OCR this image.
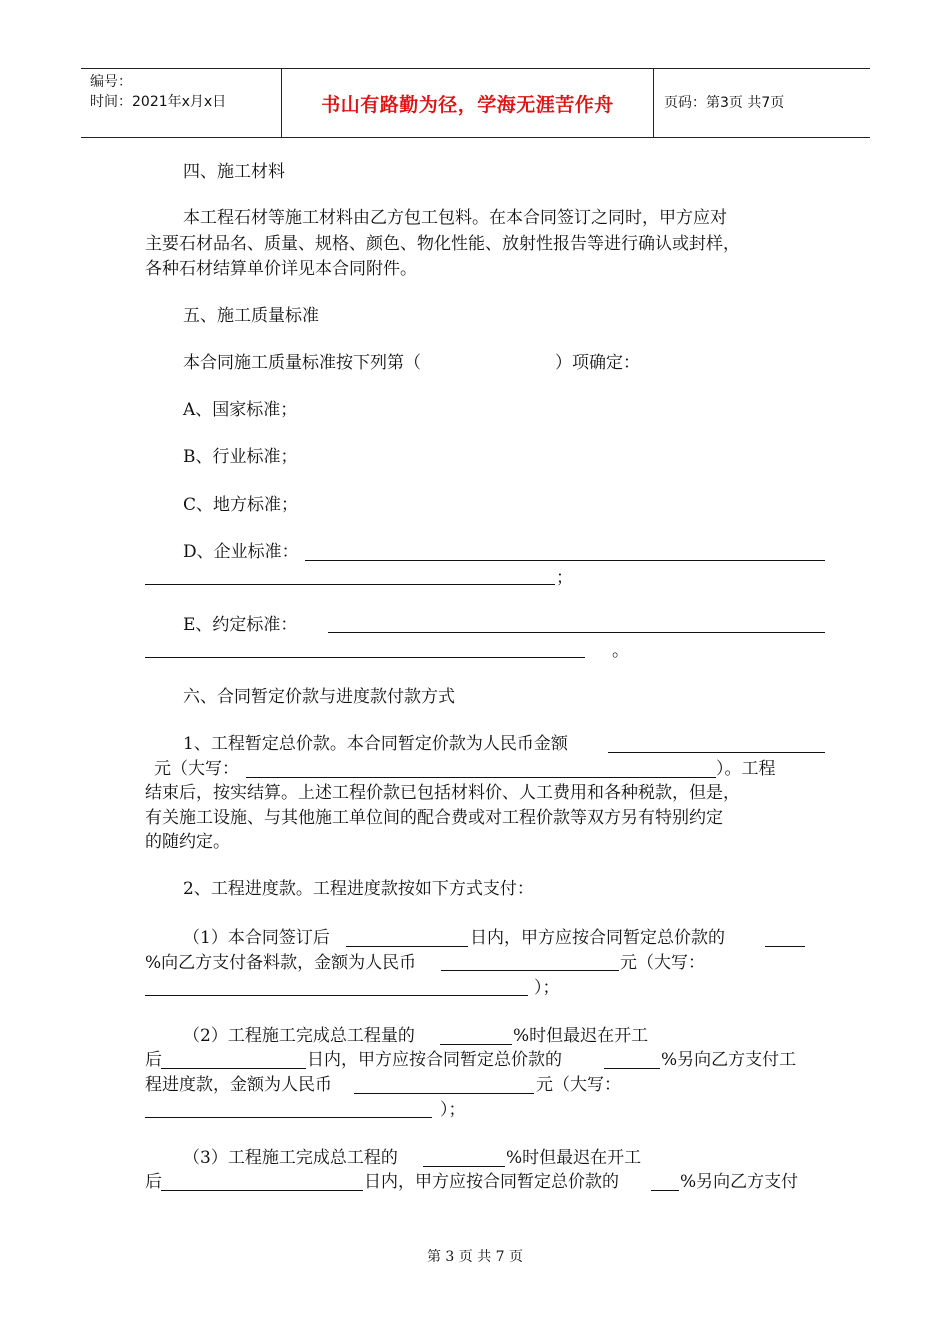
编号：
时间：2021年x月x日	书山有路勤为径，学海无涯苦作舟	页码：第3页 共7页
四、施工材料
本工程石材等施工材料由乙方包工包料。在本合同签订之同时，甲方应对
主要石材品名、质量、规格、颜色、物化性能、放射性报告等进行确认或封样，
各种石材结算单价详见本合同附件。
五、施工质量标准
本合同施工质量标准按下列第（	）项确定：
A、国家标准；
B、行业标准；
C、地方标准；
D、企业标准：
；
E、约定标准：
。
六、合同暂定价款与进度款付款方式
1、工程暂定总价款。本合同暂定价款为人民币金额
元（大写：	）。工程
结束后，按实结算。上述工程价款已包括材料价、人工费用和各种税款，但是，
有关施工设施、与其他施工单位间的配合费或对工程价款等双方另有特别约定
的随约定。
2、工程进度款。工程进度款按如下方式支付：
（1）本合同签订后	日内，甲方应按合同暂定总价款的
%向乙方支付备料款，金额为人民币	元（大写：
）；
（2）工程施工完成总工程量的	%时但最迟在开工
后	日内，甲方应按合同暂定总价款的	%另向乙方支付工
程进度款，金额为人民币	元（大写：
）；
（3）工程施工完成总工程的	%时但最迟在开工
后	日内，甲方应按合同暂定总价款的	%另向乙方支付
第 3 页 共 7 页
